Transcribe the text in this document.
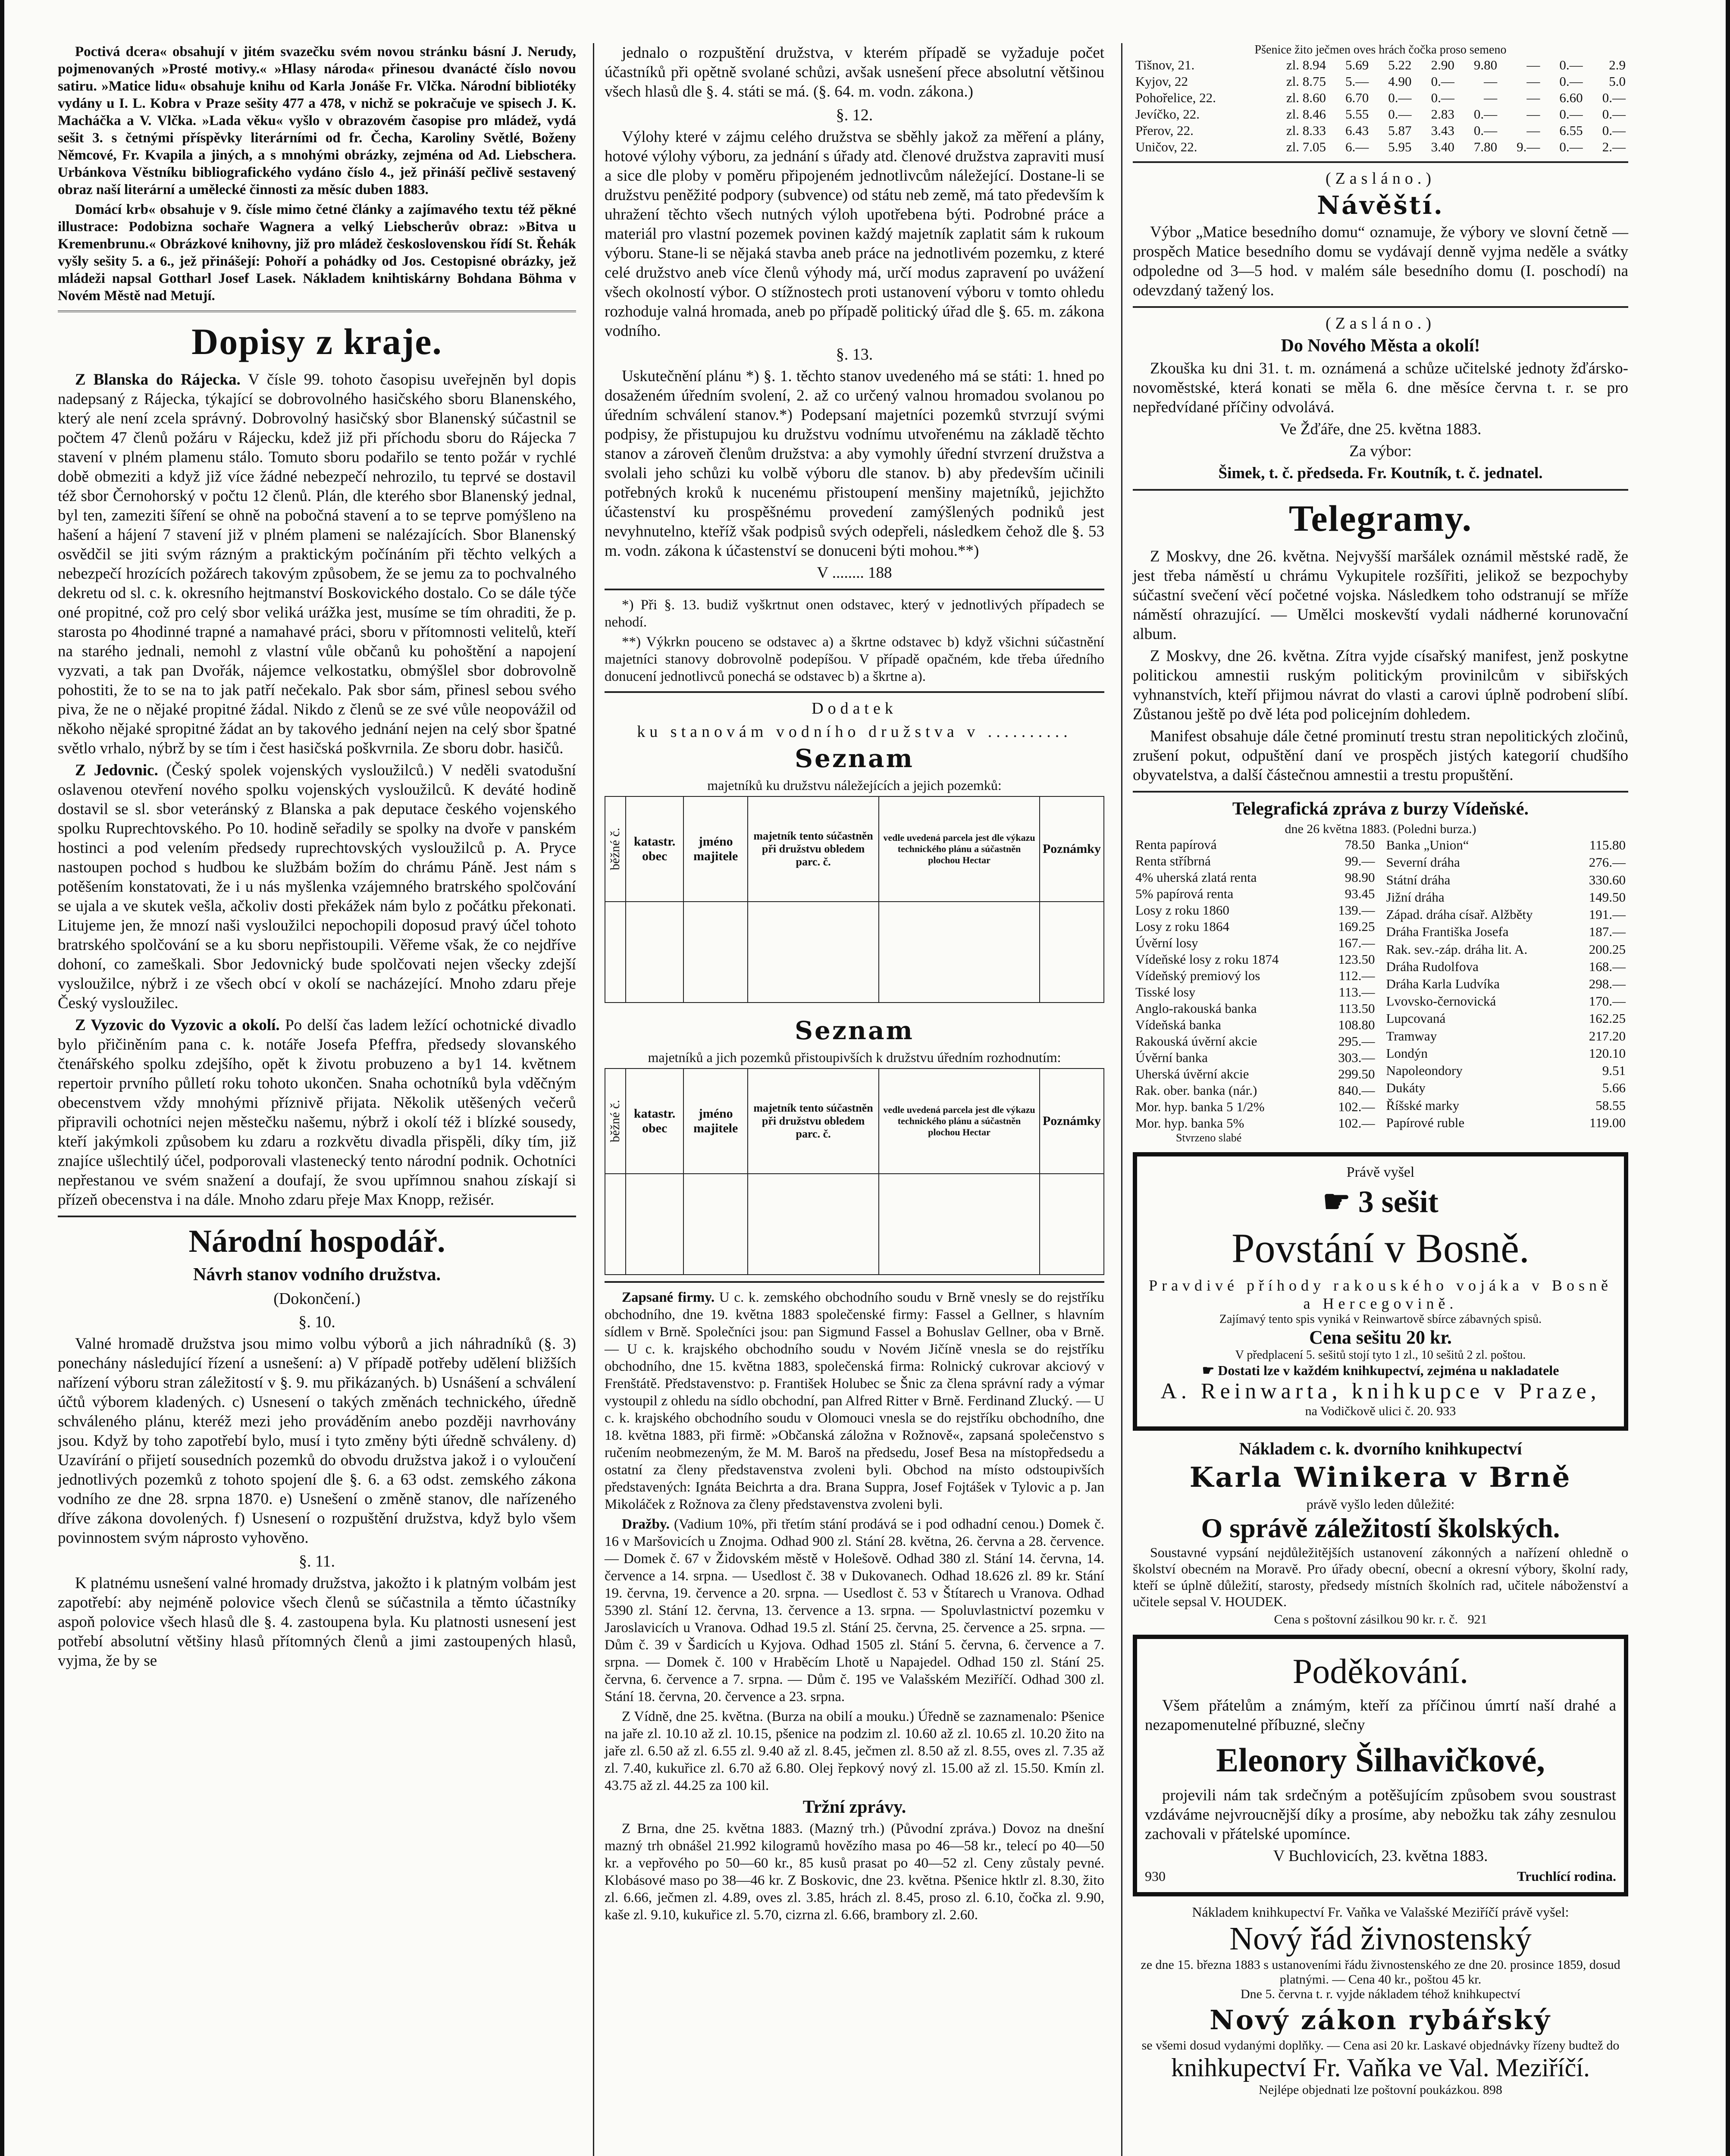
Poctivá dcera« obsahují v jitém svazečku svém novou stránku básní J. Nerudy, pojmenovaných »Prosté motivy.« »Hlasy národa« přinesou dvanácté číslo novou satiru. »Matice lidu« obsahuje knihu od Karla Jonáše Fr. Vlčka. Národní bibliotéky vydány u I. L. Kobra v Praze sešity 477 a 478, v nichž se pokračuje ve spisech J. K. Macháčka a V. Vlčka. »Lada věku« vyšlo v obrazovém časopise pro mládež, vydá sešit 3. s četnými příspěvky literárními od fr. Čecha, Karoliny Světlé, Boženy Němcové, Fr. Kvapila a jiných, a s mnohými obrázky, zejména od Ad. Liebschera. Urbánkova Věstníku bibliografického vydáno číslo 4., jež přináší pečlivě sestavený obraz naší literární a umělecké činnosti za měsíc duben 1883.

Domácí krb« obsahuje v 9. čísle mimo četné články a zajímavého textu též pěkné illustrace: Podobizna sochaře Wagnera a velký Liebscherův obraz: »Bitva u Kremenbrunu.« Obrázkové knihovny, již pro mládež československou řídí St. Řehák vyšly sešity 5. a 6., jež přinášejí: Pohoří a pohádky od Jos. Cestopisné obrázky, jež mládeži napsal Gottharl Josef Lasek. Nákladem knihtiskárny Bohdana Böhma v Novém Městě nad Metují.

Dopisy z kraje.

Z Blanska do Rájecka. V čísle 99. tohoto časopisu uveřejněn byl dopis nadepsaný z Rájecka, týkající se dobrovolného hasičského sboru Blanenského, který ale není zcela správný. Dobrovolný hasičský sbor Blanenský súčastnil se počtem 47 členů požáru v Rájecku, kdež již při příchodu sboru do Rájecka 7 stavení v plném plamenu stálo. Tomuto sboru podařilo se tento požár v rychlé době obmeziti a když již více žádné nebezpečí nehrozilo, tu teprvé se dostavil též sbor Černohorský v počtu 12 členů. Plán, dle kterého sbor Blanenský jednal, byl ten, zameziti šíření se ohně na pobočná stavení a to se teprve pomýšleno na hašení a hájení 7 stavení již v plném plameni se nalézajících. Sbor Blanenský osvědčil se jiti svým rázným a praktickým počínáním při těchto velkých a nebezpečí hrozících požárech takovým způsobem, že se jemu za to pochvalného dekretu od sl. c. k. okresního hejtmanství Boskovického dostalo. Co se dále týče oné propitné, což pro celý sbor veliká urážka jest, musíme se tím ohraditi, že p. starosta po 4hodinné trapné a namahavé práci, sboru v přítomnosti velitelů, kteří na starého jednali, nemohl z vlastní vůle občanů ku pohoštění a napojení vyzvati, a tak pan Dvořák, nájemce velkostatku, obmýšlel sbor dobrovolně pohostiti, že to se na to jak patří nečekalo. Pak sbor sám, přinesl sebou svého piva, že ne o nějaké propitné žádal. Nikdo z členů se ze své vůle neopovážil od někoho nějaké spropitné žádat an by takového jednání nejen na celý sbor špatné světlo vrhalo, nýbrž by se tím i čest hasičská poškvrnila. Ze sboru dobr. hasičů.

Z Jedovnic. (Český spolek vojenských vysloužilců.) V neděli svatodušní oslavenou otevření nového spolku vojenských vysloužilců. K deváté hodině dostavil se sl. sbor veteránský z Blanska a pak deputace českého vojenského spolku Ruprechtovského. Po 10. hodině seřadily se spolky na dvoře v panském hostinci a pod velením předsedy ruprechtovských vysloužilců p. A. Pryce nastoupen pochod s hudbou ke službám božím do chrámu Páně. Jest nám s potěšením konstatovati, že i u nás myšlenka vzájemného bratrského spolčování se ujala a ve skutek vešla, ačkoliv dosti překážek nám bylo z počátku překonati. Litujeme jen, že mnozí naši vysloužilci nepochopili doposud pravý účel tohoto bratrského spolčování se a ku sboru nepřistoupili. Věřeme však, že co nejdříve dohoní, co zameškali. Sbor Jedovnický bude spolčovati nejen všecky zdejší vysloužilce, nýbrž i ze všech obcí v okolí se nacházející. Mnoho zdaru přeje Český vysloužilec.

Z Vyzovic do Vyzovic a okolí. Po delší čas ladem ležící ochotnické divadlo bylo přičiněním pana c. k. notáře Josefa Pfeffra, předsedy slovanského čtenářského spolku zdejšího, opět k životu probuzeno a by1 14. květnem repertoir prvního půlletí roku tohoto ukončen. Snaha ochotníků byla vděčným obecenstvem vždy mnohými příznivě přijata. Několik utěšených večerů připravili ochotníci nejen městečku našemu, nýbrž i okolí též i blízké sousedy, kteří jakýmkoli způsobem ku zdaru a rozkvětu divadla přispěli, díky tím, již znajíce ušlechtilý účel, podporovali vlastenecký tento národní podnik. Ochotníci nepřestanou ve svém snažení a doufají, že svou upřímnou snahou získají si přízeň obecenstva i na dále. Mnoho zdaru přeje Max Knopp, režisér.

Národní hospodář.
Návrh stanov vodního družstva.
(Dokončení.)
§. 10.

Valné hromadě družstva jsou mimo volbu výborů a jich náhradníků (§. 3) ponechány následující řízení a usnešení: a) V případě potřeby udělení bližších nařízení výboru stran záležitostí v §. 9. mu přikázaných. b) Usnášení a schválení účtů výborem kladených. c) Usnesení o takých změnách technického, úředně schváleného plánu, kteréž mezi jeho prováděním anebo později navrhovány jsou. Když by toho zapotřebí bylo, musí i tyto změny býti úředně schváleny. d) Uzavírání o přijetí sousedních pozemků do obvodu družstva jakož i o vyloučení jednotlivých pozemků z tohoto spojení dle §. 6. a 63 odst. zemského zákona vodního ze dne 28. srpna 1870. e) Usnešení o změně stanov, dle nařízeného dříve zákona dovolených. f) Usnesení o rozpuštění družstva, když bylo všem povinnostem svým náprosto vyhověno.

§. 11.

K platnému usnešení valné hromady družstva, jakožto i k platným volbám jest zapotřebí: aby nejméně polovice všech členů se súčastnila a těmto účastníky aspoň polovice všech hlasů dle §. 4. zastoupena byla. Ku platnosti usnesení jest potřebí absolutní většiny hlasů přítomných členů a jimi zastoupených hlasů, vyjma, že by se

jednalo o rozpuštění družstva, v kterém případě se vyžaduje počet účastníků při opětně svolané schůzi, avšak usnešení přece absolutní většinou všech hlasů dle §. 4. státi se má. (§. 64. m. vodn. zákona.)

§. 12.

Výlohy které v zájmu celého družstva se sběhly jakož za měření a plány, hotové výlohy výboru, za jednání s úřady atd. členové družstva zapraviti musí a sice dle ploby v poměru připojeném jednotlivcům náležející. Dostane-li se družstvu peněžité podpory (subvence) od státu neb země, má tato především k uhražení těchto všech nutných výloh upotřebena býti. Podrobné práce a materiál pro vlastní pozemek povinen každý majetník zaplatit sám k rukoum výboru. Stane-li se nějaká stavba aneb práce na jednotlivém pozemku, z které celé družstvo aneb více členů výhody má, určí modus zapravení po uvážení všech okolností výbor. O stížnostech proti ustanovení výboru v tomto ohledu rozhoduje valná hromada, aneb po případě politický úřad dle §. 65. m. zákona vodního.

§. 13.

Uskutečnění plánu *) §. 1. těchto stanov uvedeného má se státi: 1. hned po dosaženém úředním svolení, 2. až co určený valnou hromadou svolanou po úředním schválení stanov.*) Podepsaní majetníci pozemků stvrzují svými podpisy, že přistupujou ku družstvu vodnímu utvořenému na základě těchto stanov a zároveň členům družstva: a aby vymohly úřední stvrzení družstva a svolali jeho schůzi ku volbě výboru dle stanov. b) aby především učinili potřebných kroků k nucenému přistoupení menšiny majetníků, jejichžto účastenství ku prospěšnému provedení zamýšlených podniků jest nevyhnutelno, kteříž však podpisů svých odepřeli, následkem čehož dle §. 53 m. vodn. zákona k účastenství se donuceni býti mohou.**)

V ........ 188

*) Při §. 13. budiž vyškrtnut onen odstavec, který v jednotlivých případech se nehodí.

**) Výkrkn pouceno se odstavec a) a škrtne odstavec b) když všichni súčastnění majetníci stanovy dobrovolně podepíšou. V případě opačném, kde třeba úředního donucení jednotlivců ponechá se odstavec b) a škrtne a).

Dodatek
ku stanovám vodního družstva v ..........
Seznam
majetníků ku družstvu náležejících a jejich pozemků:
běžné č.	katastr. obec	jméno majitele	majetník tento súčastněn při družstvu obledem parc. č.	vedle uvedená parcela jest dle výkazu technického plánu a súčastněn plochou Hectar	Poznámky

Seznam
majetníků a jich pozemků přistoupivších k družstvu úředním rozhodnutím:
běžné č.	katastr. obec	jméno majitele	majetník tento súčastněn při družstvu obledem parc. č.	vedle uvedená parcela jest dle výkazu technického plánu a súčastněn plochou Hectar	Poznámky

Zapsané firmy. U c. k. zemského obchodního soudu v Brně vnesly se do rejstříku obchodního, dne 19. května 1883 společenské firmy: Fassel a Gellner, s hlavním sídlem v Brně. Společníci jsou: pan Sigmund Fassel a Bohuslav Gellner, oba v Brně. — U c. k. krajského obchodního soudu v Novém Jičíně vnesla se do rejstříku obchodního, dne 15. května 1883, společenská firma: Rolnický cukrovar akciový v Frenštátě. Představenstvo: p. František Holubec se Šnic za člena správní rady a výmar vystoupil z ohledu na sídlo obchodní, pan Alfred Ritter v Brně. Ferdinand Zlucký. — U c. k. krajského obchodního soudu v Olomouci vnesla se do rejstříku obchodního, dne 18. května 1883, při firmě: »Občanská záložna v Rožnově«, zapsaná společenstvo s ručením neobmezeným, že M. M. Baroš na předsedu, Josef Besa na místopředsedu a ostatní za členy představenstva zvoleni byli. Obchod na místo odstoupivších představených: Ignáta Beichrta a dra. Brana Suppra, Josef Fojtášek v Tylovic a p. Jan Mikoláček z Rožnova za členy představenstva zvoleni byli.

Dražby. (Vadium 10%, při třetím stání prodává se i pod odhadní cenou.) Domek č. 16 v Maršovicích u Znojma. Odhad 900 zl. Stání 28. května, 26. června a 28. července. — Domek č. 67 v Židovském městě v Holešově. Odhad 380 zl. Stání 14. června, 14. července a 14. srpna. — Usedlost č. 38 v Dukovanech. Odhad 18.626 zl. 89 kr. Stání 19. června, 19. července a 20. srpna. — Usedlost č. 53 v Štítarech u Vranova. Odhad 5390 zl. Stání 12. června, 13. července a 13. srpna. — Spoluvlastnictví pozemku v Jaroslavicích u Vranova. Odhad 19.5 zl. Stání 25. června, 25. července a 25. srpna. — Dům č. 39 v Šardicích u Kyjova. Odhad 1505 zl. Stání 5. června, 6. července a 7. srpna. — Domek č. 100 v Hraběcím Lhotě u Napajedel. Odhad 150 zl. Stání 25. června, 6. července a 7. srpna. — Dům č. 195 ve Valašském Meziříčí. Odhad 300 zl. Stání 18. června, 20. července a 23. srpna.

Z Vídně, dne 25. května. (Burza na obilí a mouku.) Úředně se zaznamenalo: Pšenice na jaře zl. 10.10 až zl. 10.15, pšenice na podzim zl. 10.60 až zl. 10.65 zl. 10.20 žito na jaře zl. 6.50 až zl. 6.55 zl. 9.40 až zl. 8.45, ječmen zl. 8.50 až zl. 8.55, oves zl. 7.35 až zl. 7.40, kukuřice zl. 6.70 až 6.80. Olej řepkový nový zl. 15.00 až zl. 15.50. Kmín zl. 43.75 až zl. 44.25 za 100 kil.

Tržní zprávy.

Z Brna, dne 25. května 1883. (Mazný trh.) (Původní zpráva.) Dovoz na dnešní mazný trh obnášel 21.992 kilogramů hovězího masa po 46—58 kr., telecí po 40—50 kr. a vepřového po 50—60 kr., 85 kusů prasat po 40—52 zl. Ceny zůstaly pevné. Klobásové maso po 38—46 kr. Z Boskovic, dne 23. května. Pšenice hktlr zl. 8.30, žito zl. 6.66, ječmen zl. 4.89, oves zl. 3.85, hrách zl. 8.45, proso zl. 6.10, čočka zl. 9.90, kaše zl. 9.10, kukuřice zl. 5.70, cizrna zl. 6.66, brambory zl. 2.60.

Pšenice žito ječmen oves hrách čočka proso semeno
Tišnov, 21.	zl. 8.94	5.69	5.22	2.90	9.80	—	0.—	2.9
Kyjov, 22	zl. 8.75	5.—	4.90	0.—	—	—	0.—	5.0
Pohořelice, 22.	zl. 8.60	6.70	0.—	0.—	—	—	6.60	0.—
Jevíčko, 22.	zl. 8.46	5.55	0.—	2.83	0.—	—	0.—	0.—
Přerov, 22.	zl. 8.33	6.43	5.87	3.43	0.—	—	6.55	0.—
Uničov, 22.	zl. 7.05	6.—	5.95	3.40	7.80	9.—	0.—	2.—
(Zasláno.)
Návěští.

Výbor „Matice besedního domu“ oznamuje, že výbory ve slovní četně — prospěch Matice besedního domu se vydávají denně vyjma neděle a svátky odpoledne od 3—5 hod. v malém sále besedního domu (I. poschodí) na odevzdaný tažený los.

(Zasláno.)
Do Nového Města a okolí!

Zkouška ku dni 31. t. m. oznámená a schůze učitelské jednoty žďársko-novoměstské, která konati se měla 6. dne měsíce června t. r. se pro nepředvídané příčiny odvolává.

Ve Žďáře, dne 25. května 1883.

Za výbor:

Šimek, t. č. předseda. Fr. Koutník, t. č. jednatel.

Telegramy.

Z Moskvy, dne 26. května. Nejvyšší maršálek oznámil městské radě, že jest třeba náměstí u chrámu Vykupitele rozšířiti, jelikož se bezpochyby súčastní svečení věcí početné vojska. Následkem toho odstranují se mříže náměstí ohrazující. — Umělci moskevští vydali nádherné korunovační album.

Z Moskvy, dne 26. května. Zítra vyjde císařský manifest, jenž poskytne politickou amnestii ruským politickým provinilcům v sibiřských vyhnanstvích, kteří přijmou návrat do vlasti a carovi úplně podrobení slíbí. Zůstanou ještě po dvě léta pod policejním dohledem.

Manifest obsahuje dále četné prominutí trestu stran nepolitických zločinů, zrušení pokut, odpuštění daní ve prospěch jistých kategorií chudšího obyvatelstva, a další částečnou amnestii a trestu propuštění.

Telegrafická zpráva z burzy Vídeňské.
dne 26 května 1883. (Poledni burza.)
Renta papírová	78.50
Renta stříbrná	99.—
4% uherská zlatá renta	98.90
5% papírová renta	93.45
Losy z roku 1860	139.—
Losy z roku 1864	169.25
Úvěrní losy	167.—
Vídeňské losy z roku 1874	123.50
Vídeňský premiový los	112.—
Tisské losy	113.—
Anglo-rakouská banka	113.50
Vídeňská banka	108.80
Rakouská úvěrní akcie	295.—
Úvěrní banka	303.—
Uherská úvěrní akcie	299.50
Rak. ober. banka (nár.)	840.—
Mor. hyp. banka 5 1/2%	102.—
Mor. hyp. banka 5%	102.—
Banka „Union“	115.80
Severní dráha	276.—
Státní dráha	330.60
Jižní dráha	149.50
Západ. dráha císař. Alžběty	191.—
Dráha Františka Josefa	187.—
Rak. sev.-záp. dráha lit. A.	200.25
Dráha Rudolfova	168.—
Dráha Karla Ludvíka	298.—
Lvovsko-černovická	170.—
Lupcovaná	162.25
Tramway	217.20
Londýn	120.10
Napoleondory	9.51
Dukáty	5.66
Říšské marky	58.55
Papírové ruble	119.00
Stvrzeno slabé
Právě vyšel
☛ 3 sešit
Povstání v Bosně.
Pravdivé příhody rakouského vojáka v Bosně a Hercegovině.
Zajímavý tento spis vyniká v Reinwartově sbírce zábavných spisů.
Cena sešitu 20 kr.
V předplacení 5. sešitů stojí tyto 1 zl., 10 sešitů 2 zl. poštou.
☛ Dostati lze v každém knihkupectví, zejména u nakladatele
A. Reinwarta, knihkupce v Praze,
na Vodičkově ulici č. 20. 933
Nákladem c. k. dvorního knihkupectví
Karla Winikera v Brně
právě vyšlo leden důležité:
O správě záležitostí školských.

Soustavné vypsání nejdůležitějších ustanovení zákonných a nařízení ohledně o školství obecném na Moravě. Pro úřady obecní, obecní a okresní výbory, školní rady, kteří se úplně důležití, starosty, předsedy místních školních rad, učitele náboženství a učitele sepsal V. HOUDEK.

Cena s poštovní zásilkou 90 kr. r. č. 921
Poděkování.

Všem přátelům a známým, kteří za příčinou úmrtí naší drahé a nezapomenutelné příbuzné, slečny

Eleonory Šilhavičkové,

projevili nám tak srdečným a potěšujícím způsobem svou soustrast vzdáváme nejvroucnější díky a prosíme, aby nebožku tak záhy zesnulou zachovali v přátelské upomínce.

V Buchlovicích, 23. května 1883.

930	Truchlící rodina.
Nákladem knihkupectví Fr. Vaňka ve Valašské Meziříčí právě vyšel:
Nový řád živnostenský
ze dne 15. března 1883 s ustanoveními řádu živnostenského ze dne 20. prosince 1859, dosud platnými. — Cena 40 kr., poštou 45 kr.
Dne 5. června t. r. vyjde nákladem téhož knihkupectví
Nový zákon rybářský
se všemi dosud vydanými doplňky. — Cena asi 20 kr. Laskavé objednávky řízeny budtež do
knihkupectví Fr. Vaňka ve Val. Meziříčí.
Nejlépe objednati lze poštovní poukázkou. 898
